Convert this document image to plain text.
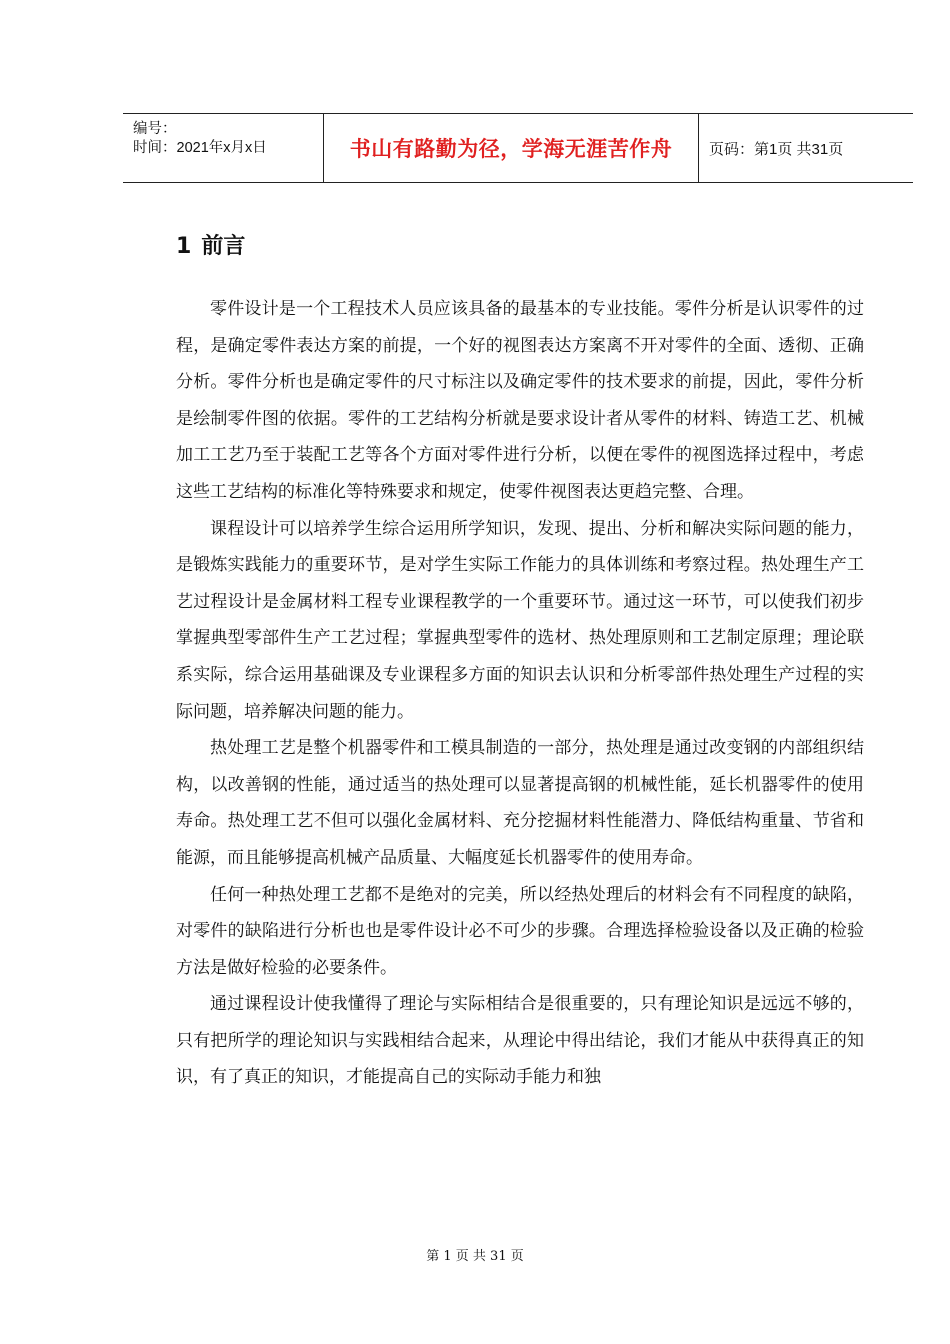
编号：
时间：2021年x月x日	书山有路勤为径，学海无涯苦作舟 页码：第1页 共31页
1 前言

零件设计是一个工程技术人员应该具备的最基本的专业技能。零件分析是认识零件的过程，是确定零件表达方案的前提，一个好的视图表达方案离不开对零件的全面、透彻、正确分析。零件分析也是确定零件的尺寸标注以及确定零件的技术要求的前提，因此，零件分析是绘制零件图的依据。零件的工艺结构分析就是要求设计者从零件的材料、铸造工艺、机械加工工艺乃至于装配工艺等各个方面对零件进行分析，以便在零件的视图选择过程中，考虑这些工艺结构的标准化等特殊要求和规定，使零件视图表达更趋完整、合理。

课程设计可以培养学生综合运用所学知识，发现、提出、分析和解决实际问题的能力，是锻炼实践能力的重要环节，是对学生实际工作能力的具体训练和考察过程。热处理生产工艺过程设计是金属材料工程专业课程教学的一个重要环节。通过这一环节，可以使我们初步掌握典型零部件生产工艺过程；掌握典型零件的选材、热处理原则和工艺制定原理；理论联系实际，综合运用基础课及专业课程多方面的知识去认识和分析零部件热处理生产过程的实际问题，培养解决问题的能力。

热处理工艺是整个机器零件和工模具制造的一部分，热处理是通过改变钢的内部组织结构，以改善钢的性能，通过适当的热处理可以显著提高钢的机械性能，延长机器零件的使用寿命。热处理工艺不但可以强化金属材料、充分挖掘材料性能潜力、降低结构重量、节省和能源，而且能够提高机械产品质量、大幅度延长机器零件的使用寿命。

任何一种热处理工艺都不是绝对的完美，所以经热处理后的材料会有不同程度的缺陷，对零件的缺陷进行分析也也是零件设计必不可少的步骤。合理选择检验设备以及正确的检验方法是做好检验的必要条件。

通过课程设计使我懂得了理论与实际相结合是很重要的，只有理论知识是远远不够的，只有把所学的理论知识与实践相结合起来，从理论中得出结论，我们才能从中获得真正的知识，有了真正的知识，才能提高自己的实际动手能力和独

第 1 页 共 31 页
